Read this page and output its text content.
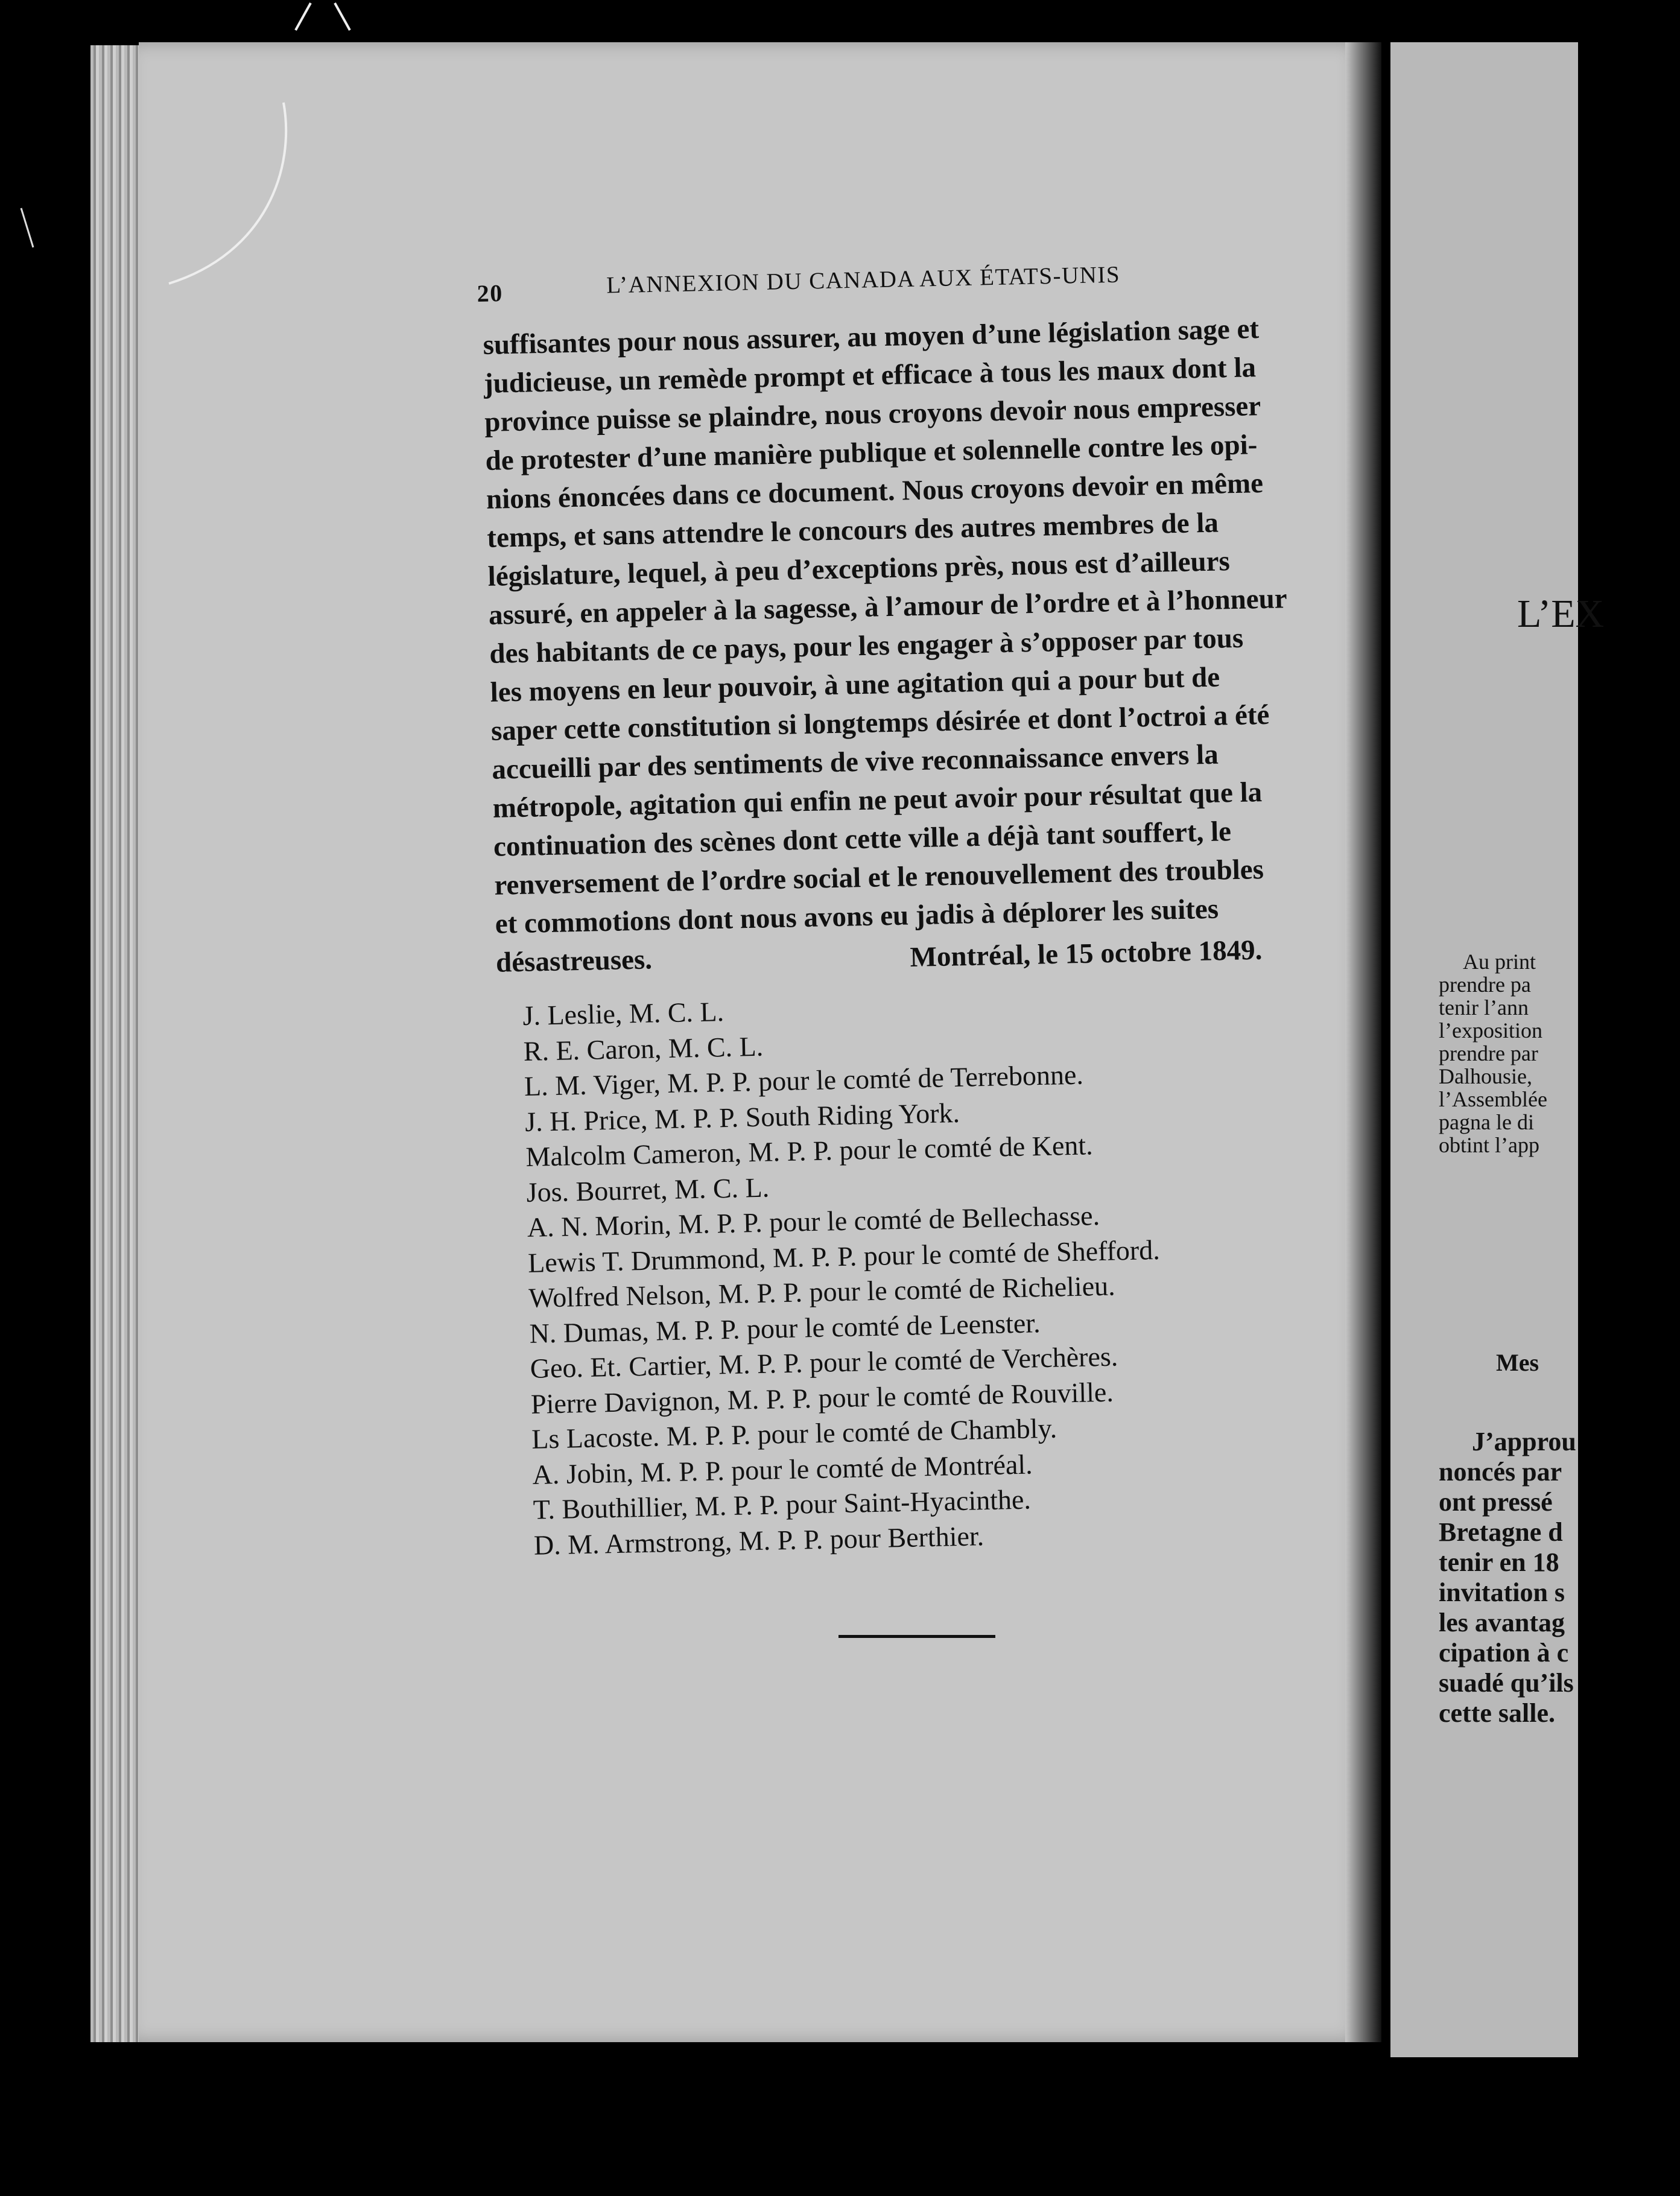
20	L’ANNEXION DU CANADA AUX ÉTATS-UNIS
suffisantes pour nous assurer, au moyen d’une législation sage et
judicieuse, un remède prompt et efficace à tous les maux dont la
province puisse se plaindre, nous croyons devoir nous empresser
de protester d’une manière publique et solennelle contre les opi-
nions énoncées dans ce document. Nous croyons devoir en même
temps, et sans attendre le concours des autres membres de la
législature, lequel, à peu d’exceptions près, nous est d’ailleurs
assuré, en appeler à la sagesse, à l’amour de l’ordre et à l’honneur
des habitants de ce pays, pour les engager à s’opposer par tous
les moyens en leur pouvoir, à une agitation qui a pour but de
saper cette constitution si longtemps désirée et dont l’octroi a été
accueilli par des sentiments de vive reconnaissance envers la
métropole, agitation qui enfin ne peut avoir pour résultat que la
continuation des scènes dont cette ville a déjà tant souffert, le
renversement de l’ordre social et le renouvellement des troubles
et commotions dont nous avons eu jadis à déplorer les suites
désastreuses.	Montréal, le 15 octobre 1849.
J. Leslie, M. C. L.
R. E. Caron, M. C. L.
L. M. Viger, M. P. P. pour le comté de Terrebonne.
J. H. Price, M. P. P. South Riding York.
Malcolm Cameron, M. P. P. pour le comté de Kent.
Jos. Bourret, M. C. L.
A. N. Morin, M. P. P. pour le comté de Bellechasse.
Lewis T. Drummond, M. P. P. pour le comté de Shefford.
Wolfred Nelson, M. P. P. pour le comté de Richelieu.
N. Dumas, M. P. P. pour le comté de Leenster.
Geo. Et. Cartier, M. P. P. pour le comté de Verchères.
Pierre Davignon, M. P. P. pour le comté de Rouville.
Ls Lacoste. M. P. P. pour le comté de Chambly.
A. Jobin, M. P. P. pour le comté de Montréal.
T. Bouthillier, M. P. P. pour Saint-Hyacinthe.
D. M. Armstrong, M. P. P. pour Berthier.
L’EX
Au print
prendre pa
tenir l’ann
l’exposition
prendre par
Dalhousie,
l’Assemblée
pagna le di
obtint l’app
Mes
J’approu
noncés par
ont pressé
Bretagne d
tenir en 18
invitation s
les avantag
cipation à c
suadé qu’ils
cette salle.
